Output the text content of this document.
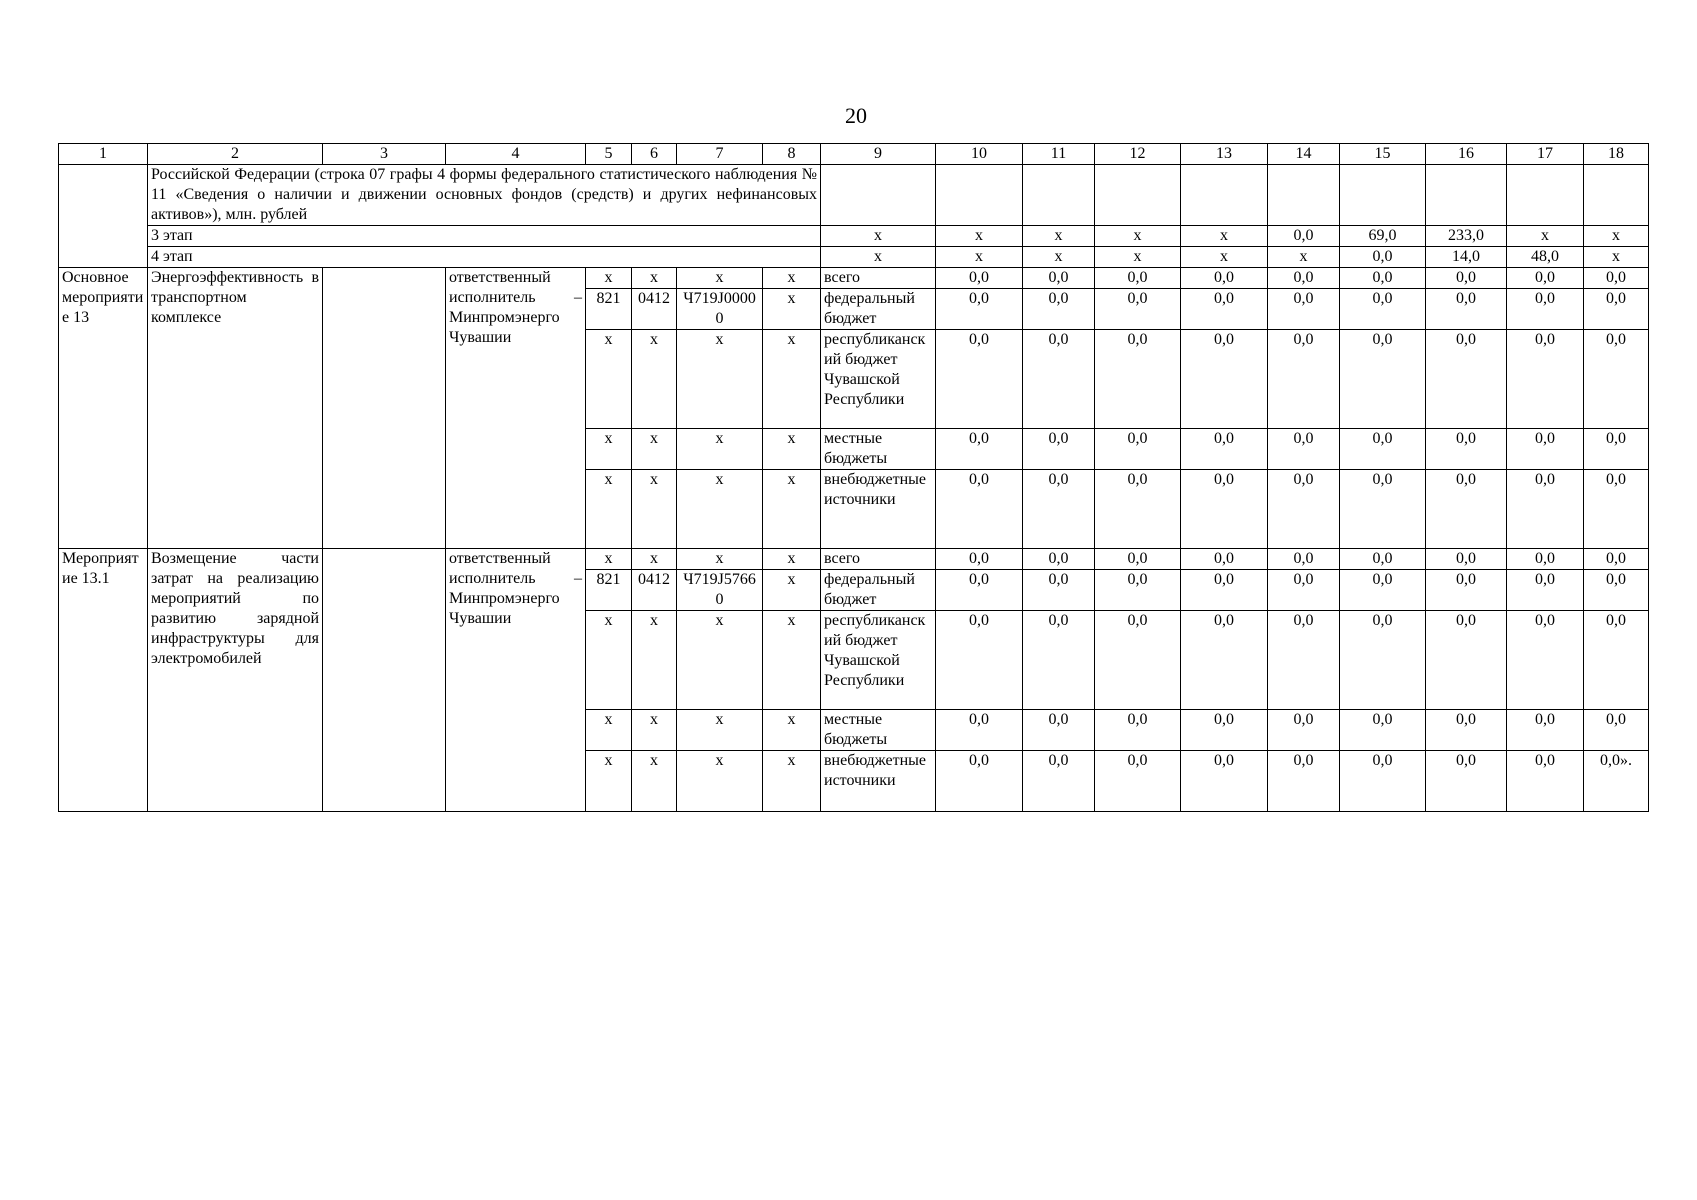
20
1	2	3	4	5	6	7	8	9	10	11	12	13	14	15	16	17	18
	Российской Федерации (строка 07 графы 4 формы федерального статистического наблюдения № 11 «Сведения о наличии и движении основных фондов (средств) и других нефинансовых активов»), млн. рублей																
	3 этап							x	x	x	x	x	0,0	69,0	233,0	x	x
	4 этап							x	x	x	x	x	x	0,0	14,0	48,0	x
Основное мероприятие 13	Энергоэффективность в транспортном комплексе		ответственный исполнитель – Минпромэнерго Чувашии	x	x	x	x	всего	0,0	0,0	0,0	0,0	0,0	0,0	0,0	0,0	0,0
				821	0412	Ч719J00000	x	федеральный бюджет	0,0	0,0	0,0	0,0	0,0	0,0	0,0	0,0	0,0
				x	x	x	x	республиканский бюджет Чувашской Республики	0,0	0,0	0,0	0,0	0,0	0,0	0,0	0,0	0,0
				x	x	x	x	местные бюджеты	0,0	0,0	0,0	0,0	0,0	0,0	0,0	0,0	0,0
				x	x	x	x	внебюджетные источники	0,0	0,0	0,0	0,0	0,0	0,0	0,0	0,0	0,0
Мероприятие 13.1	Возмещение части затрат на реализацию мероприятий по развитию зарядной инфраструктуры для электромобилей		ответственный исполнитель – Минпромэнерго Чувашии	x	x	x	x	всего	0,0	0,0	0,0	0,0	0,0	0,0	0,0	0,0	0,0
				821	0412	Ч719J57660	x	федеральный бюджет	0,0	0,0	0,0	0,0	0,0	0,0	0,0	0,0	0,0
				x	x	x	x	республиканский бюджет Чувашской Республики	0,0	0,0	0,0	0,0	0,0	0,0	0,0	0,0	0,0
				x	x	x	x	местные бюджеты	0,0	0,0	0,0	0,0	0,0	0,0	0,0	0,0	0,0
				x	x	x	x	внебюджетные источники	0,0	0,0	0,0	0,0	0,0	0,0	0,0	0,0	0,0».
